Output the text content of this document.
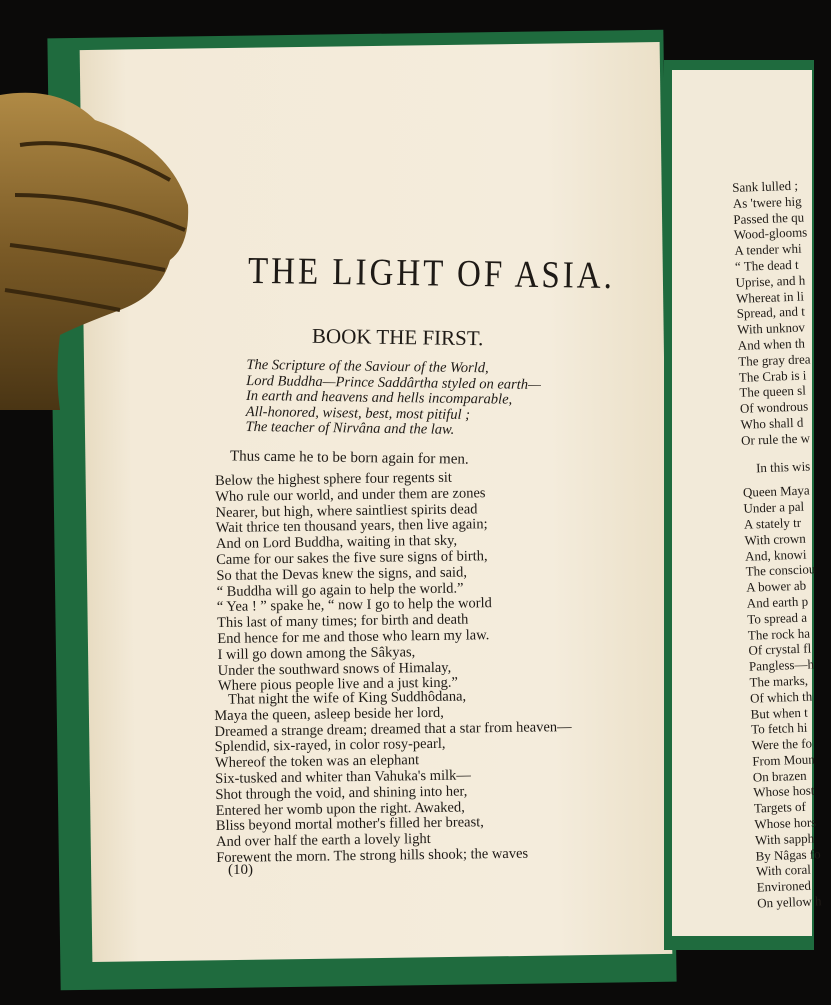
THE LIGHT OF ASIA.
BOOK THE FIRST.
The Scripture of the Saviour of the World,
Lord Buddha—Prince Saddârtha styled on earth—
In earth and heavens and hells incomparable,
All-honored, wisest, best, most pitiful ;
The teacher of Nirvâna and the law.
Thus came he to be born again for men.
Below the highest sphere four regents sit
Who rule our world, and under them are zones
Nearer, but high, where saintliest spirits dead
Wait thrice ten thousand years, then live again;
And on Lord Buddha, waiting in that sky,
Came for our sakes the five sure signs of birth,
So that the Devas knew the signs, and said,
“ Buddha will go again to help the world.”
“ Yea ! ” spake he, “ now I go to help the world
This last of many times; for birth and death
End hence for me and those who learn my law.
I will go down among the Sâkyas,
Under the southward snows of Himalay,
Where pious people live and a just king.”
That night the wife of King Suddhôdana,
Maya the queen, asleep beside her lord,
Dreamed a strange dream; dreamed that a star from heaven—
Splendid, six-rayed, in color rosy-pearl,
Whereof the token was an elephant
Six-tusked and whiter than Vahuka's milk—
Shot through the void, and shining into her,
Entered her womb upon the right. Awaked,
Bliss beyond mortal mother's filled her breast,
And over half the earth a lovely light
Forewent the morn. The strong hills shook; the waves
(10)
Sank lulled ;
As 'twere hig
Passed the qu
Wood-glooms
A tender whi
“ The dead t
Uprise, and h
Whereat in li
Spread, and t
With unknov
And when th
The gray drea
The Crab is i
The queen sl
Of wondrous
Who shall d
Or rule the w
In this wis
Queen Maya
Under a pal
A stately tr
With crown
And, knowi
The consciou
A bower ab
And earth p
To spread a
The rock ha
Of crystal fl
Pangless—h
The marks,
Of which th
But when t
To fetch hi
Were the fo
From Moun
On brazen
Whose host
Targets of
Whose hors
With sapph
By Nâgas fo
With coral
Environed
On yellow h
